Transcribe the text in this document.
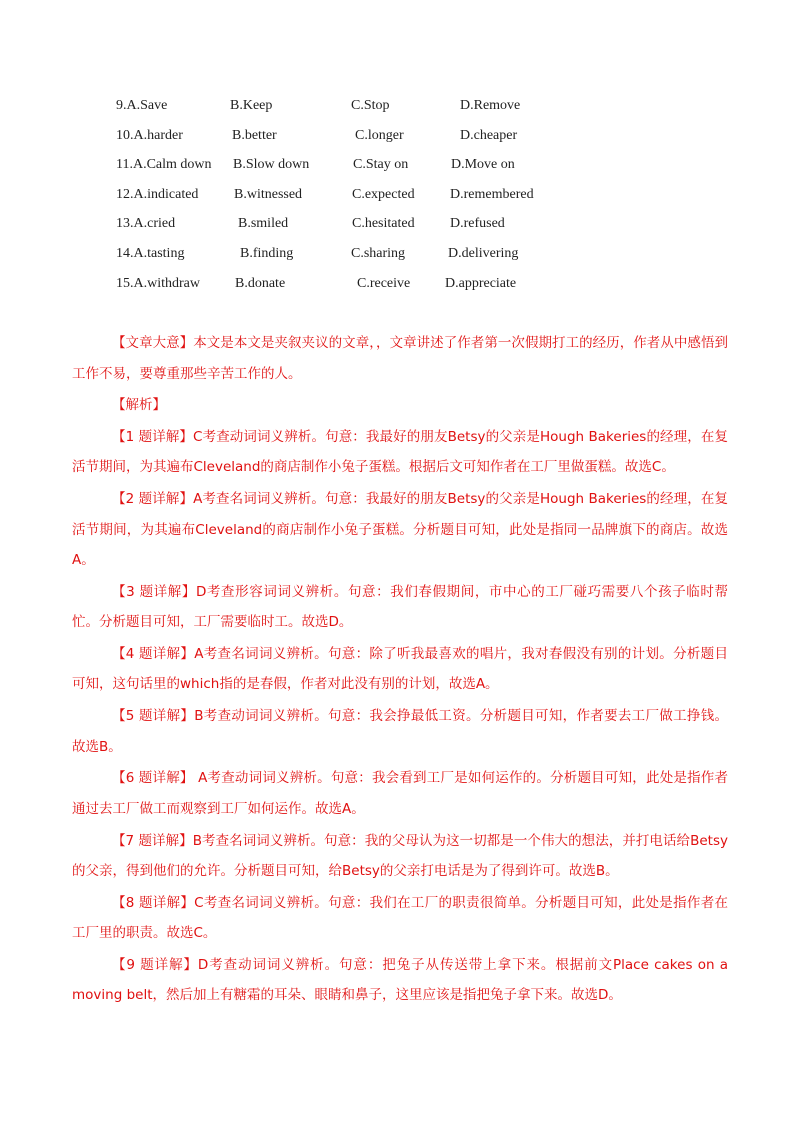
9.A.Save	B.Keep	C.Stop	D.Remove
10.A.harder	B.better	C.longer	D.cheaper
11.A.Calm down B.Slow down	C.Stay on	D.Move on
12.A.indicated	B.witnessed	C.expected	D.remembered
13.A.cried	B.smiled	C.hesitated	D.refused
14.A.tasting	B.finding	C.sharing	D.delivering
15.A.withdraw	B.donate	C.receive D.appreciate

【文章大意】本文是本文是夹叙夹议的文章，，文章讲述了作者第一次假期打工的经历，作者从中感悟到工作不易，要尊重那些辛苦工作的人。

【解析】

【1 题详解】C考查动词词义辨析。句意：我最好的朋友Betsy的父亲是Hough Bakeries的经理，在复活节期间，为其遍布Cleveland的商店制作小兔子蛋糕。根据后文可知作者在工厂里做蛋糕。故选C。

【2 题详解】A考查名词词义辨析。句意：我最好的朋友Betsy的父亲是Hough Bakeries的经理，在复活节期间，为其遍布Cleveland的商店制作小兔子蛋糕。分析题目可知，此处是指同一品牌旗下的商店。故选A。

【3 题详解】D考查形容词词义辨析。句意：我们春假期间，市中心的工厂碰巧需要八个孩子临时帮忙。分析题目可知，工厂需要临时工。故选D。

【4 题详解】A考查名词词义辨析。句意：除了听我最喜欢的唱片，我对春假没有别的计划。分析题目可知，这句话里的which指的是春假，作者对此没有别的计划，故选A。

【5 题详解】B考查动词词义辨析。句意：我会挣最低工资。分析题目可知，作者要去工厂做工挣钱。故选B。

【6 题详解】 A考查动词词义辨析。句意：我会看到工厂是如何运作的。分析题目可知，此处是指作者通过去工厂做工而观察到工厂如何运作。故选A。

【7 题详解】B考查名词词义辨析。句意：我的父母认为这一切都是一个伟大的想法，并打电话给Betsy的父亲，得到他们的允许。分析题目可知，给Betsy的父亲打电话是为了得到许可。故选B。

【8 题详解】C考查名词词义辨析。句意：我们在工厂的职责很简单。分析题目可知，此处是指作者在工厂里的职责。故选C。

【9 题详解】D考查动词词义辨析。句意：把兔子从传送带上拿下来。根据前文Place cakes on a moving belt，然后加上有糖霜的耳朵、眼睛和鼻子，这里应该是指把兔子拿下来。故选D。
